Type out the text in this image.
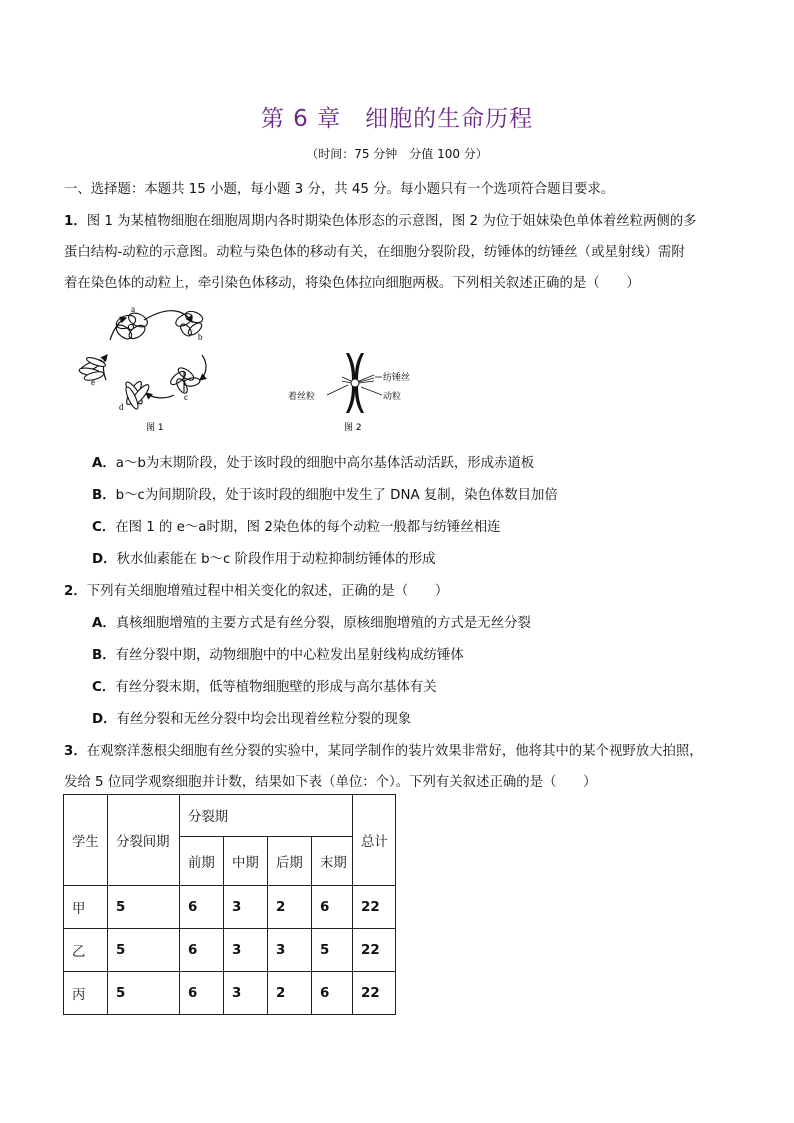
第 6 章　细胞的生命历程
（时间：75 分钟　分值 100 分）
一、选择题：本题共 15 小题，每小题 3 分，共 45 分。每小题只有一个选项符合题目要求。
1．图 1 为某植物细胞在细胞周期内各时期染色体形态的示意图，图 2 为位于姐妹染色单体着丝粒两侧的多
蛋白结构-动粒的示意图。动粒与染色体的移动有关，在细胞分裂阶段，纺锤体的纺锤丝（或星射线）需附
着在染色体的动粒上，牵引染色体移动，将染色体拉向细胞两极。下列相关叙述正确的是（　　）
a
b
c
d
e
图 1
纺锤丝
动粒
着丝粒
图 2
A．a～b为末期阶段，处于该时段的细胞中高尔基体活动活跃，形成赤道板
B．b～c为间期阶段，处于该时段的细胞中发生了 DNA 复制，染色体数目加倍
C．在图 1 的 e～a时期，图 2染色体的每个动粒一般都与纺锤丝相连
D．秋水仙素能在 b～c 阶段作用于动粒抑制纺锤体的形成
2．下列有关细胞增殖过程中相关变化的叙述，正确的是（　　）
A．真核细胞增殖的主要方式是有丝分裂，原核细胞增殖的方式是无丝分裂
B．有丝分裂中期，动物细胞中的中心粒发出星射线构成纺锤体
C．有丝分裂末期，低等植物细胞壁的形成与高尔基体有关
D．有丝分裂和无丝分裂中均会出现着丝粒分裂的现象
3．在观察洋葱根尖细胞有丝分裂的实验中，某同学制作的装片效果非常好，他将其中的某个视野放大拍照，
发给 5 位同学观察细胞并计数，结果如下表（单位：个）。下列有关叙述正确的是（　　）
学生	分裂间期	分裂期				总计
		前期	中期	后期	末期	
甲	5	6	3	2	6	22
乙	5	6	3	3	5	22
丙	5	6	3	2	6	22
